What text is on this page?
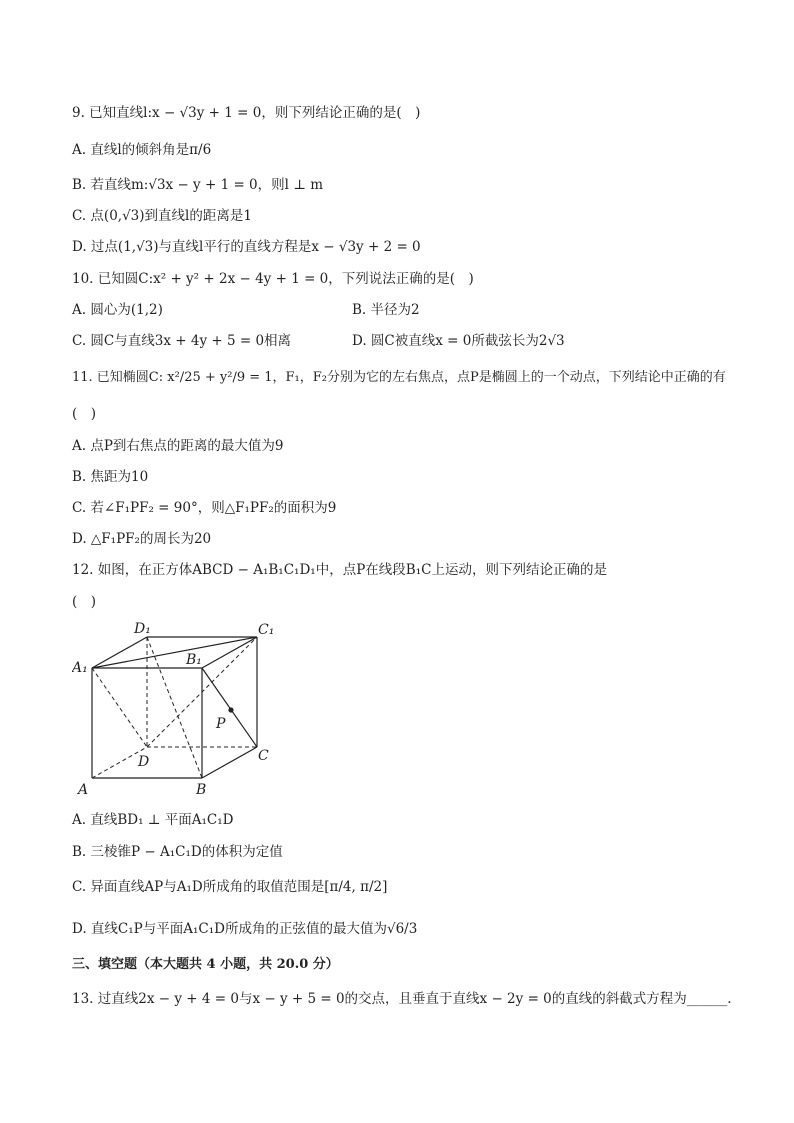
9. 已知直线l:x − √3y + 1 = 0，则下列结论正确的是(　)
A. 直线l的倾斜角是π/6
B. 若直线m:√3x − y + 1 = 0，则l ⊥ m
C. 点(0,√3)到直线l的距离是1
D. 过点(1,√3)与直线l平行的直线方程是x − √3y + 2 = 0
10. 已知圆C:x² + y² + 2x − 4y + 1 = 0，下列说法正确的是(　)
A. 圆心为(1,2)	B. 半径为2
C. 圆C与直线3x + 4y + 5 = 0相离	D. 圆C被直线x = 0所截弦长为2√3
11. 已知椭圆C: x²/25 + y²/9 = 1，F₁，F₂分别为它的左右焦点，点P是椭圆上的一个动点，下列结论中正确的有
(　)
A. 点P到右焦点的距离的最大值为9
B. 焦距为10
C. 若∠F₁PF₂ = 90°，则△F₁PF₂的面积为9
D. △F₁PF₂的周长为20
12. 如图，在正方体ABCD − A₁B₁C₁D₁中，点P在线段B₁C上运动，则下列结论正确的是
(　)
D₁	C₁
A₁	B₁
P
D	C
A	B
A. 直线BD₁ ⊥ 平面A₁C₁D
B. 三棱锥P − A₁C₁D的体积为定值
C. 异面直线AP与A₁D所成角的取值范围是[π/4, π/2]
D. 直线C₁P与平面A₁C₁D所成角的正弦值的最大值为√6/3
三、填空题（本大题共 4 小题，共 20.0 分）
13. 过直线2x − y + 4 = 0与x − y + 5 = 0的交点，且垂直于直线x − 2y = 0的直线的斜截式方程为______.
